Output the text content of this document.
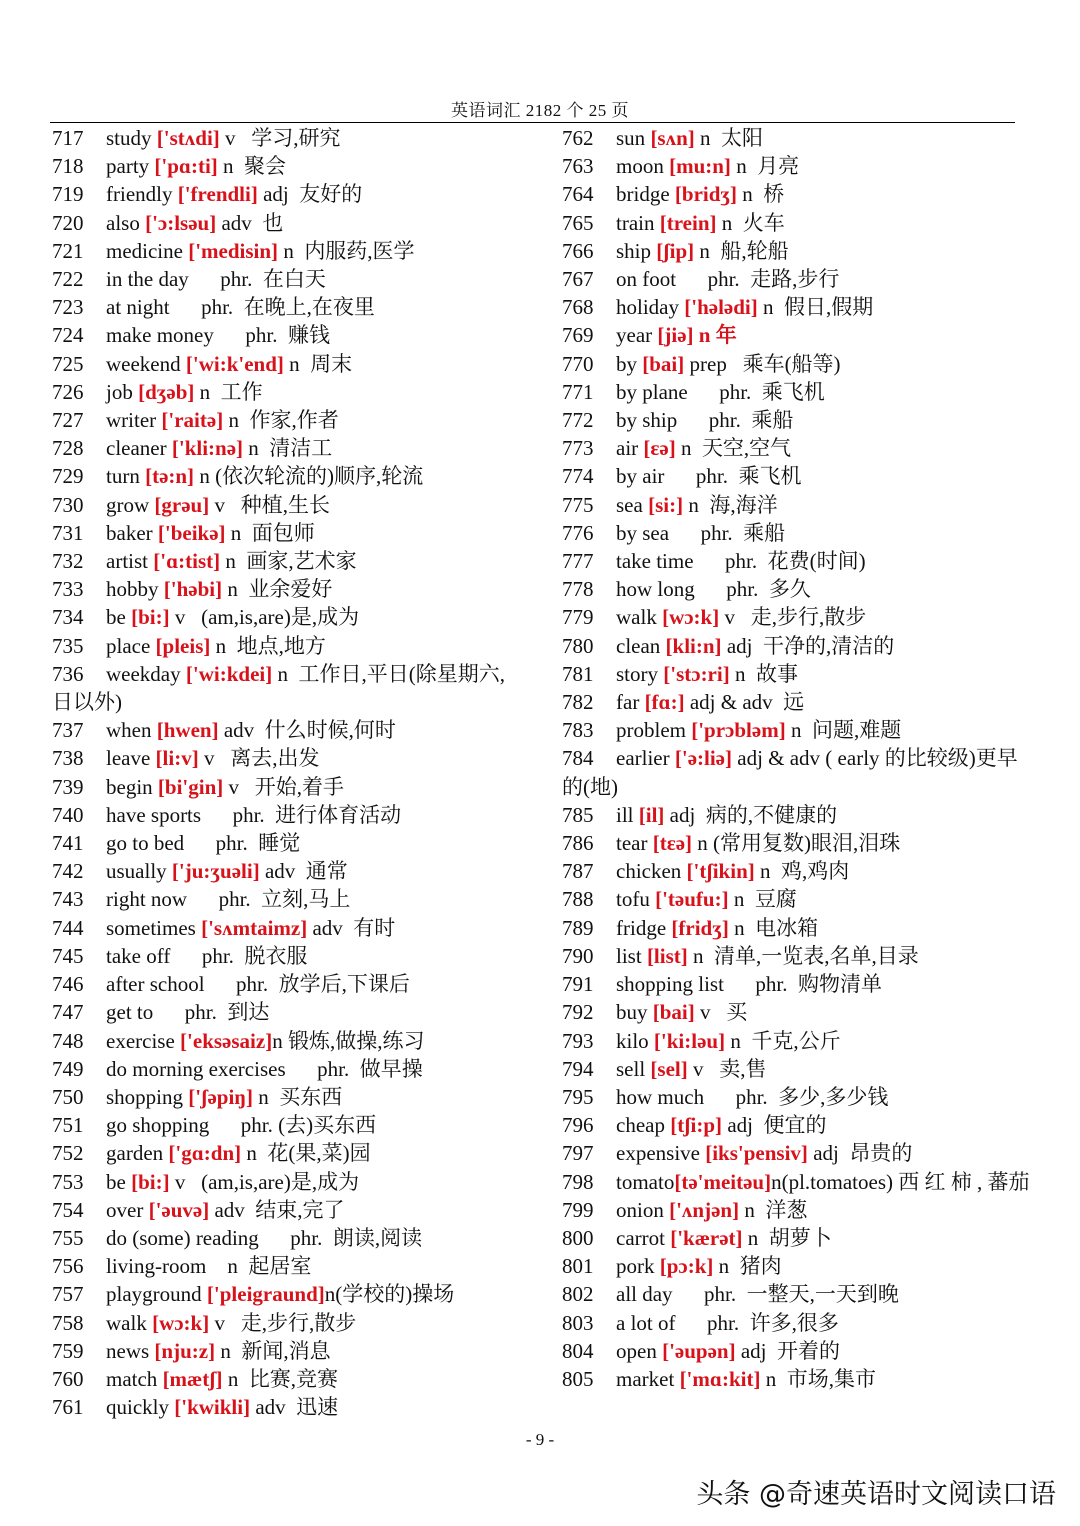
英语词汇 2182 个 25 页
717 study ['stʌdi] v   学习,研究
718 party ['pɑ:ti] n  聚会
719 friendly ['frendli] adj  友好的
720 also ['ɔ:lsəu] adv  也
721 medicine ['medisin] n  内服药,医学
722 in the day      phr.  在白天
723 at night      phr.  在晚上,在夜里
724 make money      phr.  赚钱
725 weekend ['wi:k'end] n  周末
726 job [dʒəb] n  工作
727 writer ['raitə] n  作家,作者
728 cleaner ['kli:nə] n  清洁工
729 turn [tə:n] n (依次轮流的)顺序,轮流
730 grow [grəu] v   种植,生长
731 baker ['beikə] n  面包师
732 artist ['ɑ:tist] n  画家,艺术家
733 hobby ['həbi] n  业余爱好
734 be [bi:] v   (am,is,are)是,成为
735 place [pleis] n  地点,地方
736 weekday ['wi:kdei] n  工作日,平日(除星期六,日以外)
737 when [hwen] adv  什么时候,何时
738 leave [li:v] v   离去,出发
739 begin [bi'gin] v   开始,着手
740 have sports      phr.  进行体育活动
741 go to bed      phr.  睡觉
742 usually ['ju:ʒuəli] adv  通常
743 right now      phr.  立刻,马上
744 sometimes ['sʌmtaimz] adv  有时
745 take off      phr.  脱衣服
746 after school      phr.  放学后,下课后
747 get to      phr.  到达
748 exercise ['eksəsaiz]n 锻炼,做操,练习
749 do morning exercises      phr.  做早操
750 shopping ['ʃəpiŋ] n  买东西
751 go shopping      phr. (去)买东西
752 garden ['gɑ:dn] n  花(果,菜)园
753 be [bi:] v   (am,is,are)是,成为
754 over ['əuvə] adv  结束,完了
755 do (some) reading      phr.  朗读,阅读
756 living-room    n  起居室
757 playground ['pleigraund]n(学校的)操场
758 walk [wɔ:k] v   走,步行,散步
759 news [nju:z] n  新闻,消息
760 match [mætʃ] n  比赛,竞赛
761 quickly ['kwikli] adv  迅速
762 sun [sʌn] n  太阳
763 moon [mu:n] n  月亮
764 bridge [bridʒ] n  桥
765 train [trein] n  火车
766 ship [ʃip] n  船,轮船
767 on foot      phr.  走路,步行
768 holiday ['hələdi] n  假日,假期
769 year [jiə] n 年
770 by [bai] prep   乘车(船等)
771 by plane      phr.  乘飞机
772 by ship      phr.  乘船
773 air [ɛə] n  天空,空气
774 by air      phr.  乘飞机
775 sea [si:] n  海,海洋
776 by sea      phr.  乘船
777 take time      phr.  花费(时间)
778 how long      phr.  多久
779 walk [wɔ:k] v   走,步行,散步
780 clean [kli:n] adj  干净的,清洁的
781 story ['stɔ:ri] n  故事
782 far [fɑ:] adj & adv  远
783 problem ['prɔbləm] n  问题,难题
784 earlier ['ə:liə] adj & adv ( early 的比较级)更早的(地)
785 ill [il] adj  病的,不健康的
786 tear [tɛə] n (常用复数)眼泪,泪珠
787 chicken ['tʃikin] n  鸡,鸡肉
788 tofu ['təufu:] n  豆腐
789 fridge [fridʒ] n  电冰箱
790 list [list] n  清单,一览表,名单,目录
791 shopping list      phr.  购物清单
792 buy [bai] v   买
793 kilo ['ki:ləu] n  千克,公斤
794 sell [sel] v   卖,售
795 how much      phr.  多少,多少钱
796 cheap [tʃi:p] adj  便宜的
797 expensive [iks'pensiv] adj  昂贵的
798 tomato[tə'meitəu]n(pl.tomatoes) 西 红 柿 , 蕃茄
799 onion ['ʌnjən] n  洋葱
800 carrot ['kærət] n  胡萝卜
801 pork [pɔ:k] n  猪肉
802 all day      phr.  一整天,一天到晚
803 a lot of      phr.  许多,很多
804 open ['əupən] adj  开着的
805 market ['mɑ:kit] n  市场,集市
- 9 -
头条 @奇速英语时文阅读口语
